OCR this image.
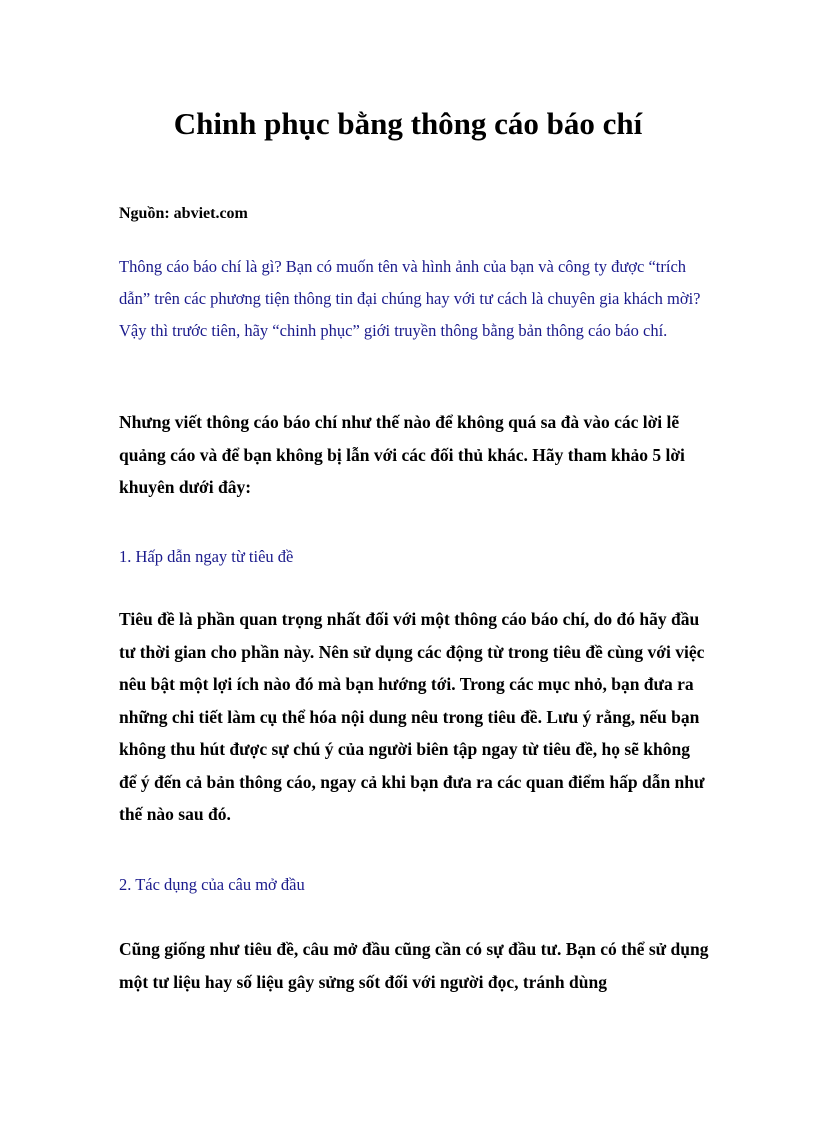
Chinh phục bằng thông cáo báo chí

Nguồn: abviet.com

Thông cáo báo chí là gì? Bạn có muốn tên và hình ảnh của bạn và công ty được “trích dẫn” trên các phương tiện thông tin đại chúng hay với tư cách là chuyên gia khách mời? Vậy thì trước tiên, hãy “chinh phục” giới truyền thông bằng bản thông cáo báo chí.

Nhưng viết thông cáo báo chí như thế nào để không quá sa đà vào các lời lẽ quảng cáo và để bạn không bị lẫn với các đối thủ khác. Hãy tham khảo 5 lời khuyên dưới đây:

1. Hấp dẫn ngay từ tiêu đề

Tiêu đề là phần quan trọng nhất đối với một thông cáo báo chí, do đó hãy đầu tư thời gian cho phần này. Nên sử dụng các động từ trong tiêu đề cùng với việc nêu bật một lợi ích nào đó mà bạn hướng tới. Trong các mục nhỏ, bạn đưa ra những chi tiết làm cụ thể hóa nội dung nêu trong tiêu đề. Lưu ý rằng, nếu bạn không thu hút được sự chú ý của người biên tập ngay từ tiêu đề, họ sẽ không để ý đến cả bản thông cáo, ngay cả khi bạn đưa ra các quan điểm hấp dẫn như thế nào sau đó.

2. Tác dụng của câu mở đầu

Cũng giống như tiêu đề, câu mở đầu cũng cần có sự đầu tư. Bạn có thể sử dụng một tư liệu hay số liệu gây sửng sốt đối với người đọc, tránh dùng
